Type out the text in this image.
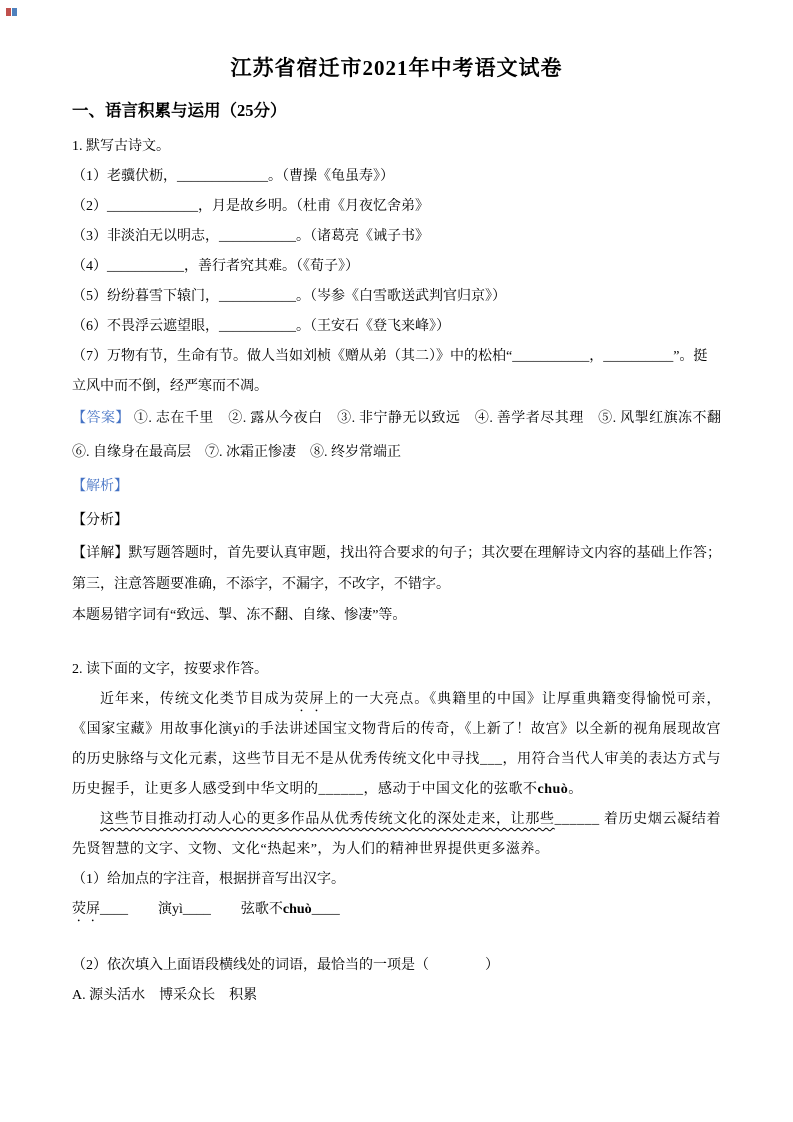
江苏省宿迁市2021年中考语文试卷
一、语言积累与运用（25分）

1. 默写古诗文。

（1）老骥伏枥，_____________。（曹操《龟虽寿》）

（2）_____________，月是故乡明。（杜甫《月夜忆舍弟》

（3）非淡泊无以明志，___________。（诸葛亮《诫子书》

（4）___________，善行者究其难。（《荀子》）

（5）纷纷暮雪下辕门，___________。（岑参《白雪歌送武判官归京》）

（6）不畏浮云遮望眼，___________。（王安石《登飞来峰》）

（7）万物有节，生命有节。做人当如刘桢《赠从弟（其二）》中的松柏“___________，__________”。挺立风中而不倒，经严寒而不凋。

【答案】 ①. 志在千里　②. 露从今夜白　③. 非宁静无以致远　④. 善学者尽其理　⑤. 风掣红旗冻不翻　⑥. 自缘身在最高层　⑦. 冰霜正惨凄　⑧. 终岁常端正

【解析】

【分析】

【详解】默写题答题时，首先要认真审题，找出符合要求的句子；其次要在理解诗文内容的基础上作答；第三，注意答题要准确，不添字，不漏字，不改字，不错字。

本题易错字词有“致远、掣、冻不翻、自缘、惨凄”等。

2. 读下面的文字，按要求作答。

近年来，传统文化类节目成为荧屏上的一大亮点。《典籍里的中国》让厚重典籍变得愉悦可亲，《国家宝藏》用故事化演yì的手法讲述国宝文物背后的传奇，《上新了！故宫》以全新的视角展现故宫的历史脉络与文化元素，这些节目无不是从优秀传统文化中寻找___，用符合当代人审美的表达方式与历史握手，让更多人感受到中华文明的______，感动于中国文化的弦歌不chuò。

这些节目推动打动人心的更多作品从优秀传统文化的深处走来，让那些______ 着历史烟云凝结着先贤智慧的文字、文物、文化“热起来”，为人们的精神世界提供更多滋养。

（1）给加点的字注音，根据拼音写出汉字。

荧屏____ 演yì____ 弦歌不chuò____

（2）依次填入上面语段横线处的词语，最恰当的一项是（　　　　）

A. 源头活水　博采众长　积累
